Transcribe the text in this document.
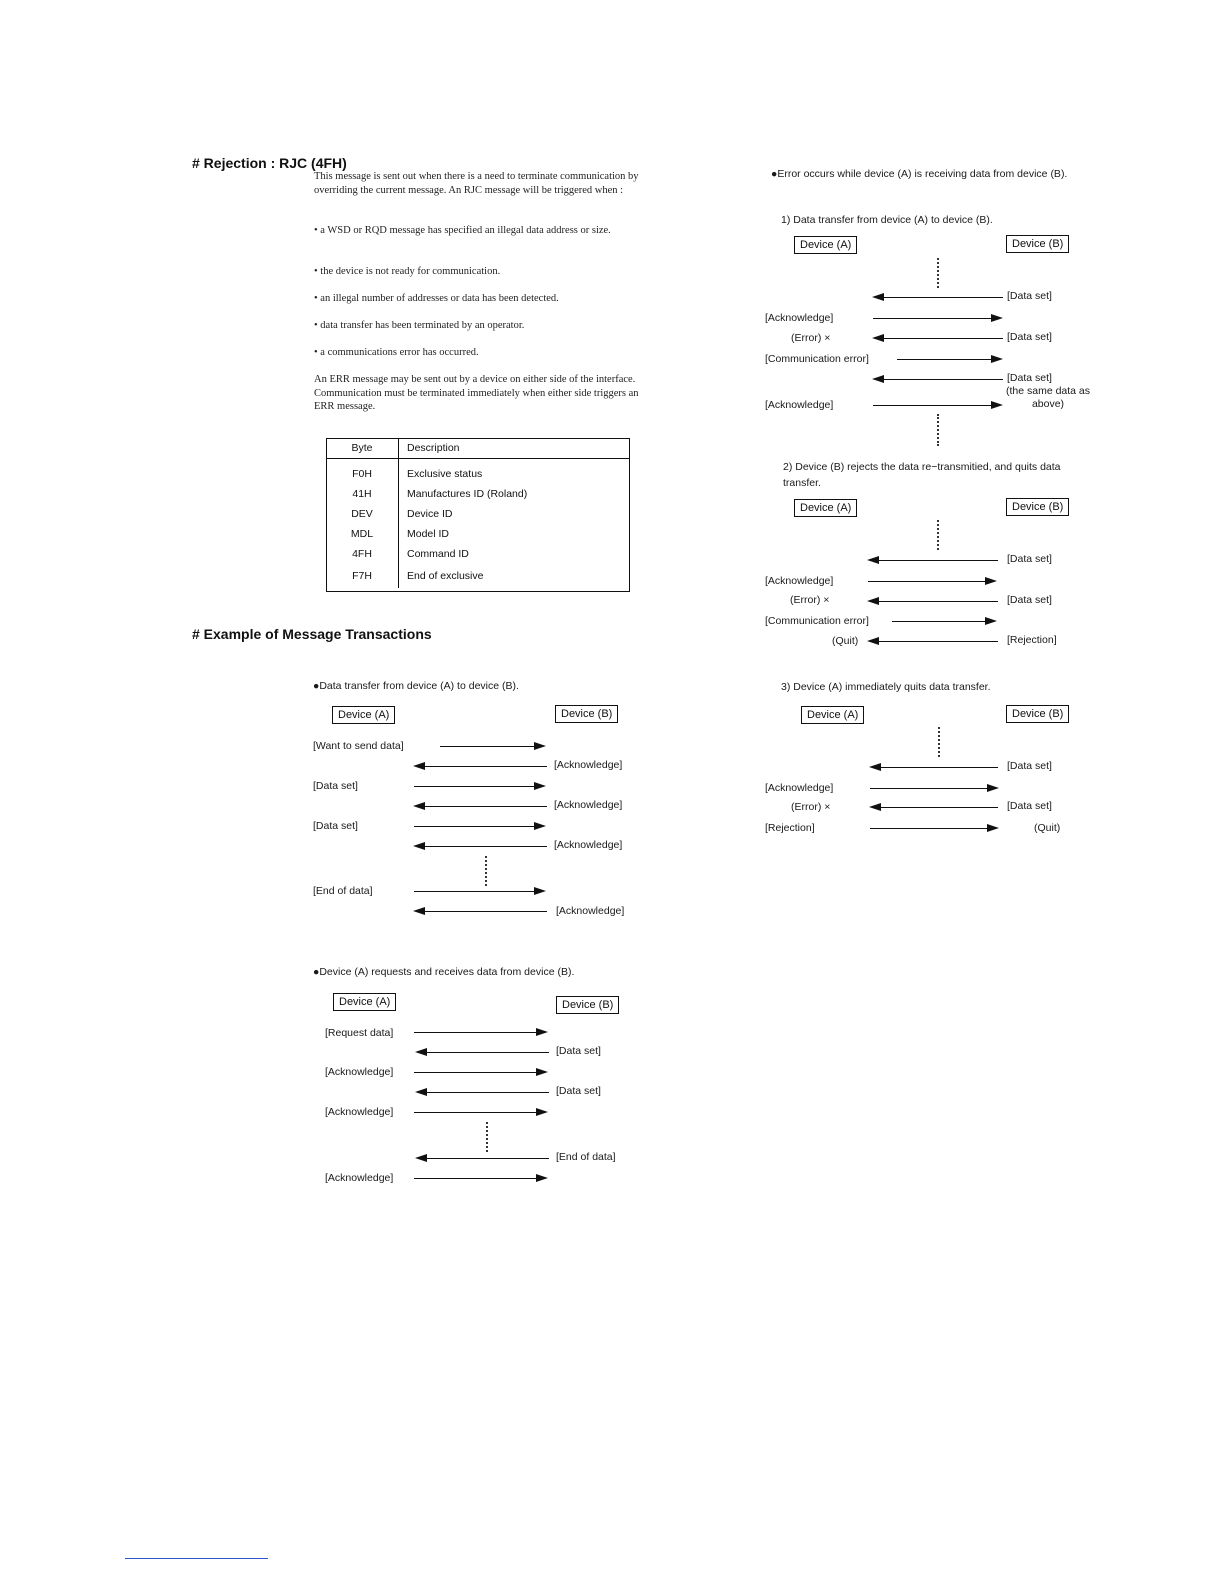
# Rejection : RJC (4FH)
This message is sent out when there is a need to terminate communication by overriding the current message. An RJC message will be triggered when :
• a WSD or RQD message has specified an illegal data address or size.
• the device is not ready for communication.
• an illegal number of addresses or data has been detected.
• data transfer has been terminated by an operator.
• a communications error has occurred.
An ERR message may be sent out by a device on either side of the interface. Communication must be terminated immediately when either side triggers an ERR message.
Byte	Description
F0H	Exclusive status
41H	Manufactures ID (Roland)
DEV	Device ID
MDL	Model ID
4FH	Command ID
F7H	End of exclusive
# Example of Message Transactions
●Data transfer from device (A) to device (B).
Device (A)	Device (B)
[Want to send data]
[Acknowledge]
[Data set]
[Acknowledge]
[Data set]
[Acknowledge]
[End of data]
[Acknowledge]
●Device (A) requests and receives data from device (B).
Device (A)	Device (B)
[Request data]
[Data set]
[Acknowledge]
[Data set]
[Acknowledge]
[End of data]
[Acknowledge]
●Error occurs while device (A) is receiving data from device (B).
1) Data transfer from device (A) to device (B).
Device (A)	Device (B)
[Data set]
[Acknowledge]
(Error) ×	[Data set]
[Communication error]
[Data set]
(the same data as above)
[Acknowledge]
2) Device (B) rejects the data re−transmitied, and quits data transfer.
Device (A)	Device (B)
[Data set]
[Acknowledge]
(Error) ×	[Data set]
[Communication error]
(Quit)	[Rejection]
3) Device (A) immediately quits data transfer.
Device (A)	Device (B)
[Data set]
[Acknowledge]
(Error) ×	[Data set]
[Rejection]	(Quit)
